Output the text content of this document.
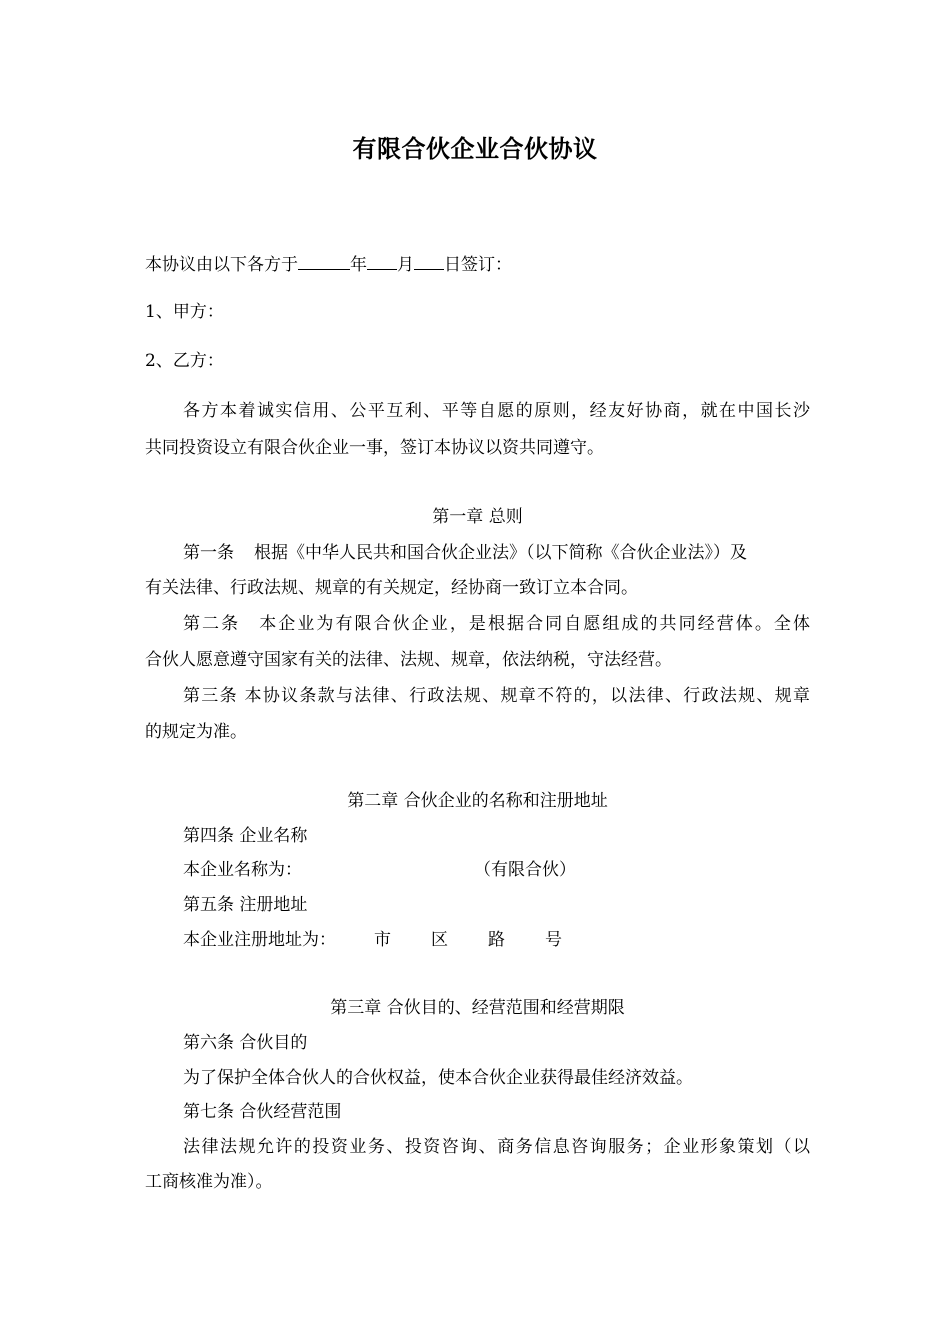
有限合伙企业合伙协议
本协议由以下各方于	年 月 日签订：
1、甲方：
2、乙方：
各方本着诚实信用、公平互利、平等自愿的原则，经友好协商，就在中国长沙
共同投资设立有限合伙企业一事，签订本协议以资共同遵守。
第一章 总则
第一条 根据《中华人民共和国合伙企业法》（以下简称《合伙企业法》）及
有关法律、行政法规、规章的有关规定，经协商一致订立本合同。
第二条　本企业为有限合伙企业，是根据合同自愿组成的共同经营体。全体
合伙人愿意遵守国家有关的法律、法规、规章，依法纳税，守法经营。
第三条 本协议条款与法律、行政法规、规章不符的，以法律、行政法规、规章
的规定为准。
第二章 合伙企业的名称和注册地址
第四条 企业名称
本企业名称为：	（有限合伙）
第五条 注册地址
本企业注册地址为： 市 区 路 号
第三章 合伙目的、经营范围和经营期限
第六条 合伙目的
为了保护全体合伙人的合伙权益，使本合伙企业获得最佳经济效益。
第七条 合伙经营范围
法律法规允许的投资业务、投资咨询、商务信息咨询服务；企业形象策划（以
工商核准为准）。
